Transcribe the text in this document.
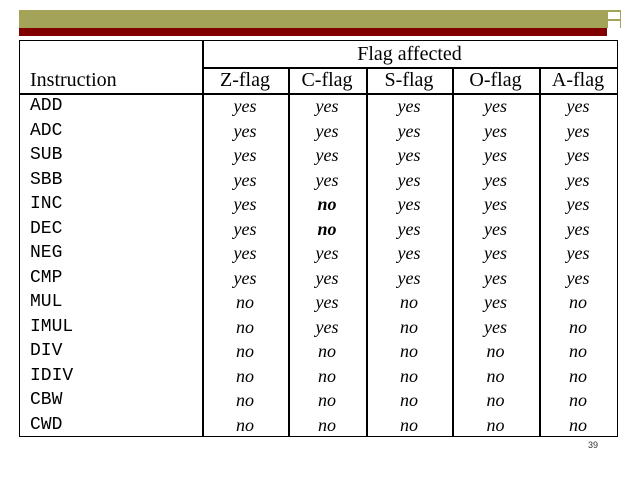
Flag affected
Instruction	Z-flag	C-flag	S-flag	O-flag	A-flag
ADD	yes	yes	yes	yes	yes
ADC	yes	yes	yes	yes	yes
SUB	yes	yes	yes	yes	yes
SBB	yes	yes	yes	yes	yes
INC	yes	no	yes	yes	yes
DEC	yes	no	yes	yes	yes
NEG	yes	yes	yes	yes	yes
CMP	yes	yes	yes	yes	yes
MUL	no	yes	no	yes	no
IMUL	no	yes	no	yes	no
DIV	no	no	no	no	no
IDIV	no	no	no	no	no
CBW	no	no	no	no	no
CWD	no	no	no	no	no
39
